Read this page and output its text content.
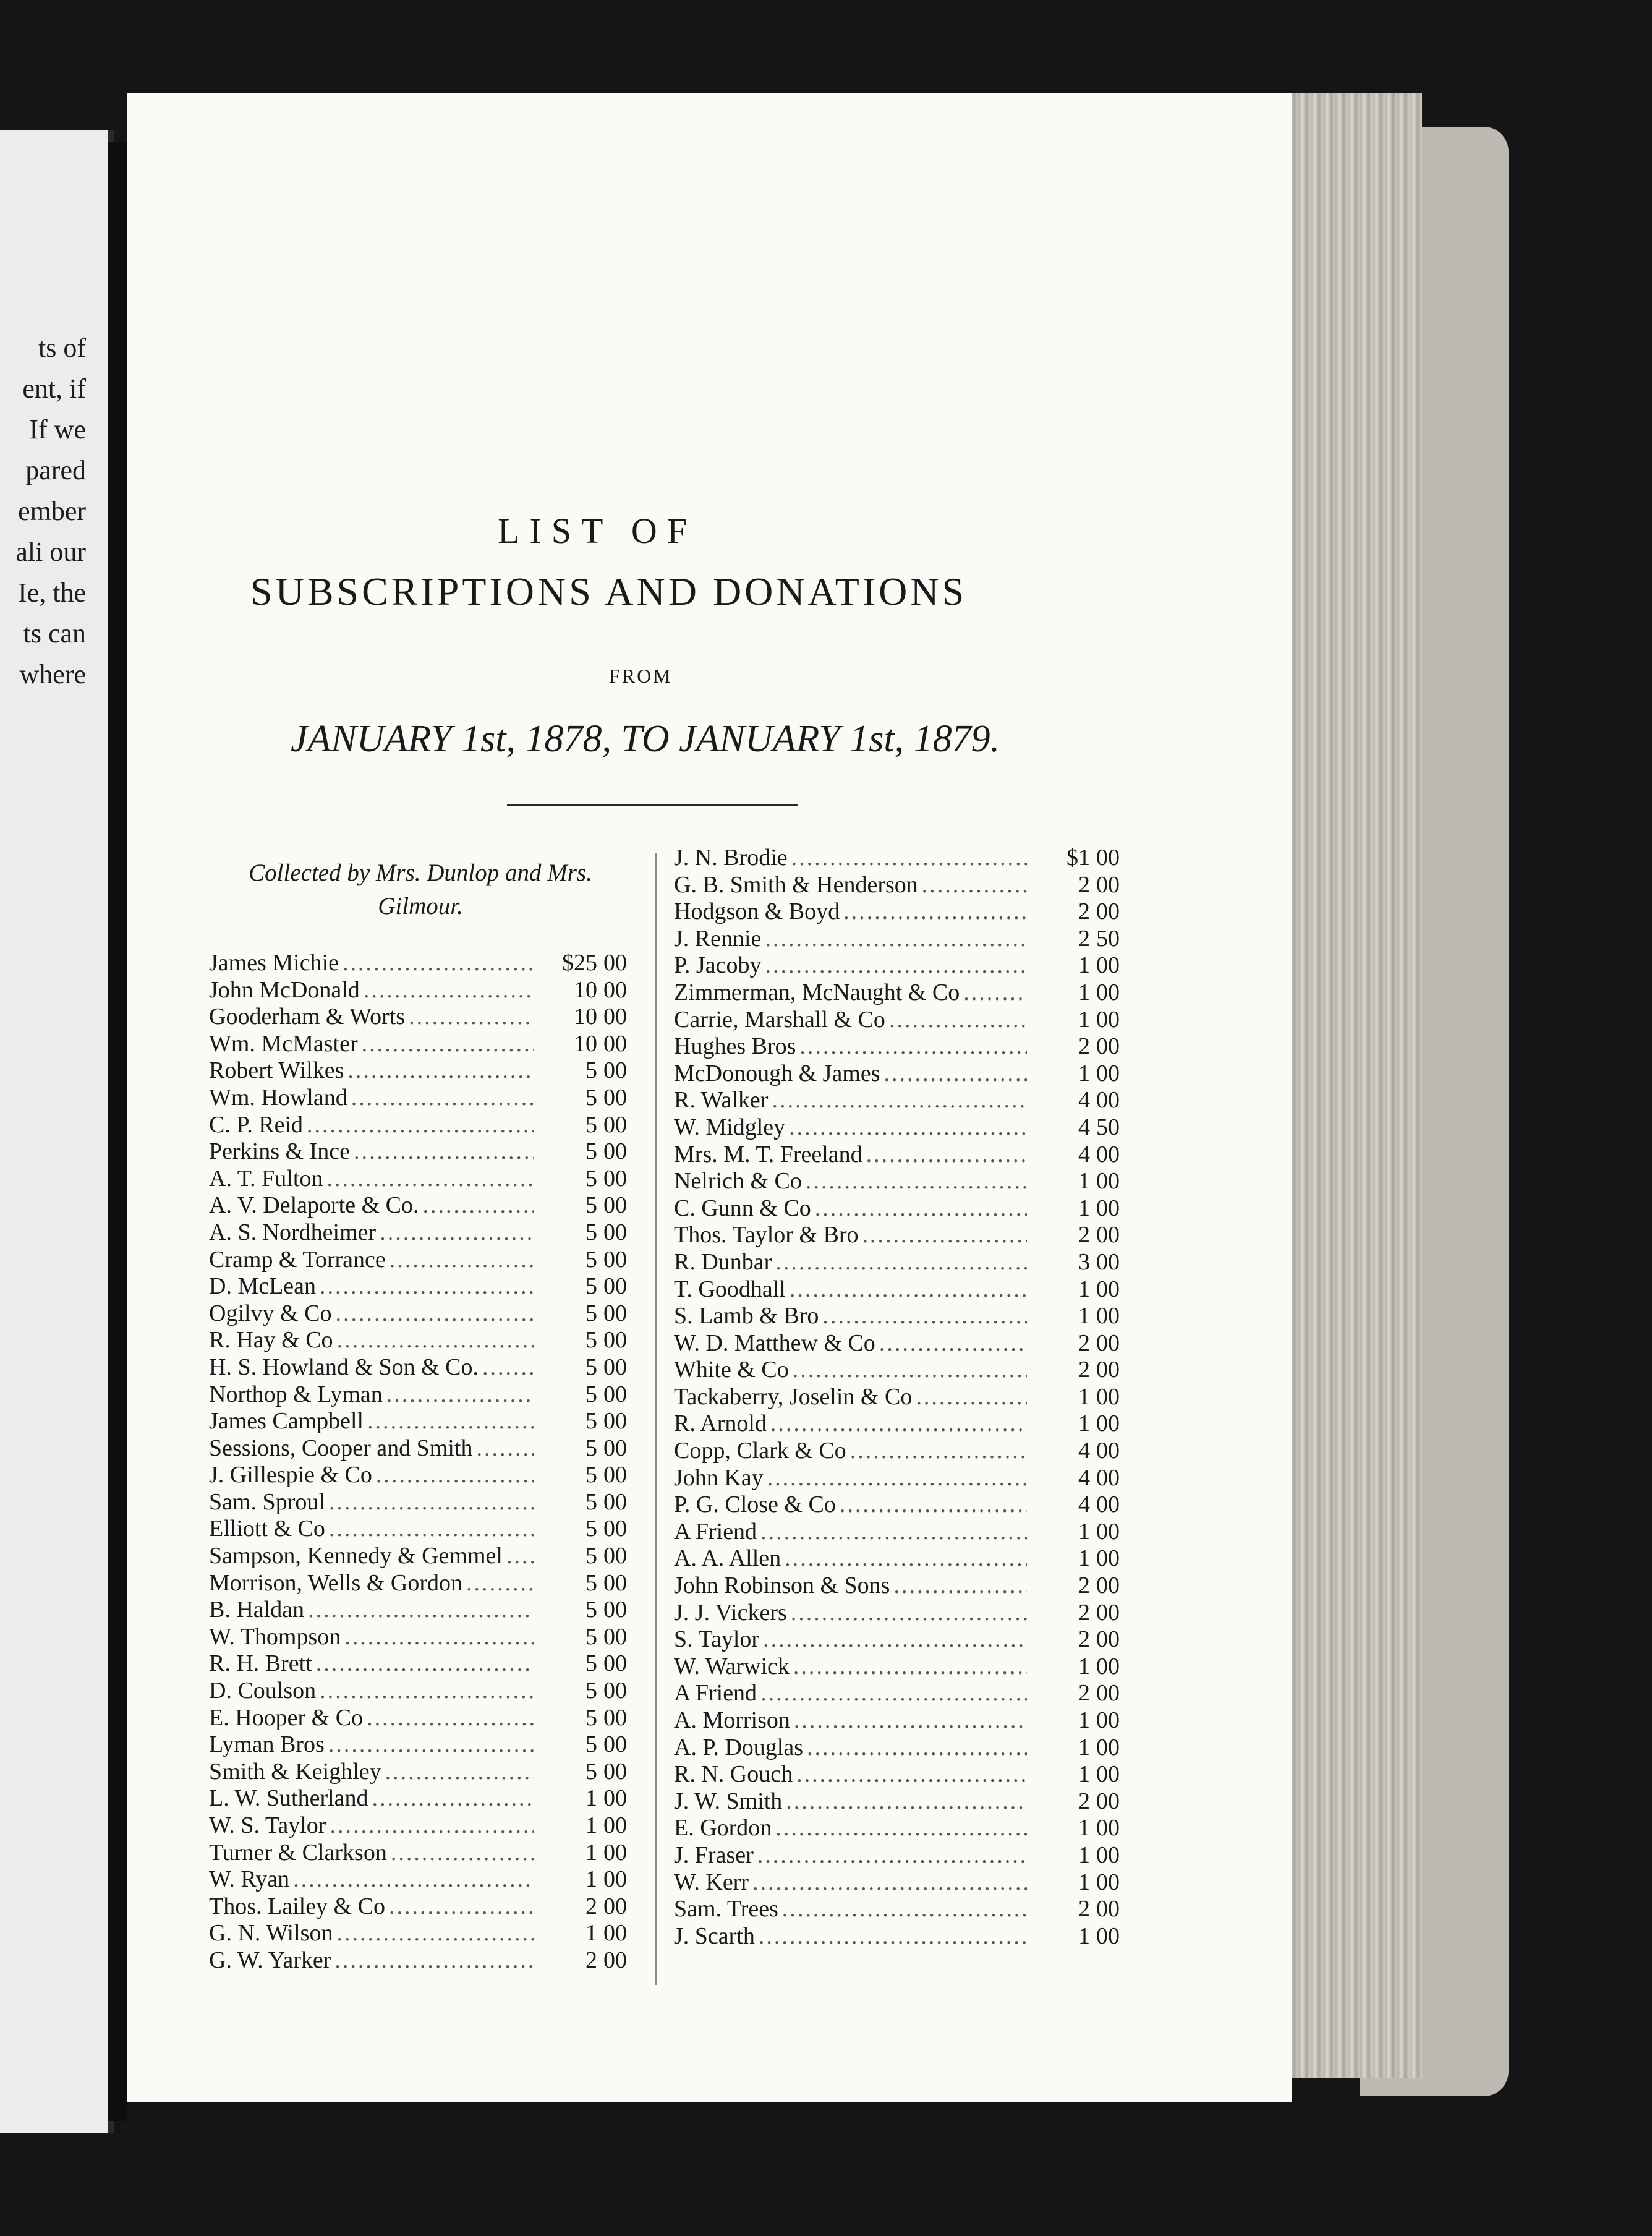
ts of
ent, if
If we
pared
ember
ali our
Ie, the
ts can
where
LIST OF
SUBSCRIPTIONS AND DONATIONS
FROM
JANUARY 1st, 1878, TO JANUARY 1st, 1879.
Collected by Mrs. Dunlop and Mrs. Gilmour.
James Michie .....	$25 00
John McDonald .....	10 00
Gooderham & Worts .....	10 00
Wm. McMaster .....	10 00
Robert Wilkes .....	5 00
Wm. Howland .....	5 00
C. P. Reid .....	5 00
Perkins & Ince .....	5 00
A. T. Fulton .....	5 00
A. V. Delaporte & Co. .....	5 00
A. S. Nordheimer .....	5 00
Cramp & Torrance .....	5 00
D. McLean .....	5 00
Ogilvy & Co .....	5 00
R. Hay & Co .....	5 00
H. S. Howland & Son & Co. .....	5 00
Northop & Lyman .....	5 00
James Campbell .....	5 00
Sessions, Cooper and Smith .....	5 00
J. Gillespie & Co .....	5 00
Sam. Sproul .....	5 00
Elliott & Co .....	5 00
Sampson, Kennedy & Gemmel .....	5 00
Morrison, Wells & Gordon .....	5 00
B. Haldan .....	5 00
W. Thompson .....	5 00
R. H. Brett .....	5 00
D. Coulson .....	5 00
E. Hooper & Co .....	5 00
Lyman Bros .....	5 00
Smith & Keighley .....	5 00
L. W. Sutherland .....	1 00
W. S. Taylor .....	1 00
Turner & Clarkson .....	1 00
W. Ryan .....	1 00
Thos. Lailey & Co .....	2 00
G. N. Wilson .....	1 00
G. W. Yarker .....	2 00
J. N. Brodie .....	$1 00
G. B. Smith & Henderson .....	2 00
Hodgson & Boyd .....	2 00
J. Rennie .....	2 50
P. Jacoby .....	1 00
Zimmerman, McNaught & Co .....	1 00
Carrie, Marshall & Co .....	1 00
Hughes Bros .....	2 00
McDonough & James .....	1 00
R. Walker .....	4 00
W. Midgley .....	4 50
Mrs. M. T. Freeland .....	4 00
Nelrich & Co .....	1 00
C. Gunn & Co .....	1 00
Thos. Taylor & Bro .....	2 00
R. Dunbar .....	3 00
T. Goodhall .....	1 00
S. Lamb & Bro .....	1 00
W. D. Matthew & Co .....	2 00
White & Co .....	2 00
Tackaberry, Joselin & Co .....	1 00
R. Arnold .....	1 00
Copp, Clark & Co .....	4 00
John Kay .....	4 00
P. G. Close & Co .....	4 00
A Friend .....	1 00
A. A. Allen .....	1 00
John Robinson & Sons .....	2 00
J. J. Vickers .....	2 00
S. Taylor .....	2 00
W. Warwick .....	1 00
A Friend .....	2 00
A. Morrison .....	1 00
A. P. Douglas .....	1 00
R. N. Gouch .....	1 00
J. W. Smith .....	2 00
E. Gordon .....	1 00
J. Fraser .....	1 00
W. Kerr .....	1 00
Sam. Trees .....	2 00
J. Scarth .....	1 00
